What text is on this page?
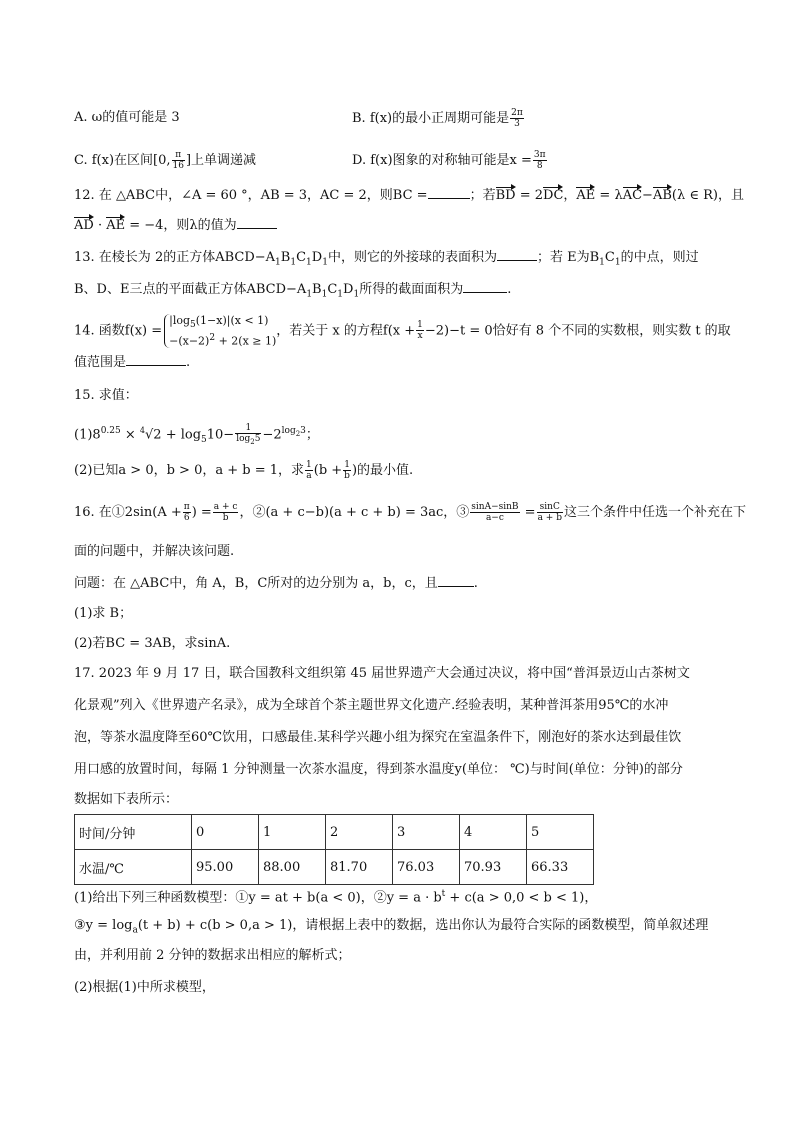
A. ω的值可能是 3	B. f(x)的最小正周期可能是 $\frac{2\pi}{3}$
C. f(x)在区间[0, $\frac{\pi}{16}$ ]上单调递减	D. f(x)图象的对称轴可能是$x = \frac{3\pi}{8}$
12. 在 △ABC中，∠A = 60 °，AB = 3，AC = 2，则BC =	；若BD = 2DC，AE = λAC−AB(λ ∈ R)，且
AD · AE = −4，则λ的值为
13. 在棱长为 2的正方体$ABCD-A_1B_1C_1D_1$中，则它的外接球的表面积为	；若 E为$B_1C_1$的中点，则过
B、D、E三点的平面截正方体$ABCD-A_1B_1C_1D_1$所得的截面面积为	.
14. 函数f(x) =
$|\log_5(1-x)|(x < 1)$
$-(x-2)^2 + 2(x \ge 1)$
，若关于 x 的方程$f(x + \frac{1}{x} -2)-t = 0$恰好有 8 个不同的实数根，则实数 t 的取
值范围是	.
15. 求值：
$(1)8^{0.25} \times ^4√2 + \log_510- \frac{1}{\log_25} -2^{log_23}$；
(2)已知a > 0，b > 0，a + b = 1，求 $\frac{1}{a} (b + \frac{1}{b}$ )的最小值.
16. 在①2sin(A + $\frac{\pi}{6}$ ) = $\frac{a + c}{b}$ ，②(a + c−b)(a + c + b) = 3ac，③ $\frac{\sin A-\sin B}{a-c} = \frac{\sin C}{a + b}$ 这三个条件中任选一个补充在下
面的问题中，并解决该问题.
问题：在 △ABC中，角 A，B，C所对的边分别为 a，b，c，且	.
(1)求 B；
(2)若BC = 3AB，求sinA.
17. 2023 年 9 月 17 日，联合国教科文组织第 45 届世界遗产大会通过决议，将中国“普洱景迈山古茶树文
化景观”列入《世界遗产名录》，成为全球首个茶主题世界文化遗产.经验表明，某种普洱茶用95℃的水冲
泡，等茶水温度降至60℃饮用，口感最佳.某科学兴趣小组为探究在室温条件下，刚泡好的茶水达到最佳饮
用口感的放置时间，每隔 1 分钟测量一次茶水温度，得到茶水温度y(单位： ℃)与时间(单位：分钟)的部分
数据如下表所示：
时间/分钟	0	1	2	3	4	5
水温/℃	95.00	88.00	81.70	76.03	70.93	66.33
(1)给出下列三种函数模型：①y = at + b(a < 0)，②y = $a \cdot b^t + c(a > 0,0 < b < 1)$，
③y = $\log_a(t + b) + c(b > 0,a > 1)$，请根据上表中的数据，选出你认为最符合实际的函数模型，简单叙述理
由，并利用前 2 分钟的数据求出相应的解析式；
(2)根据(1)中所求模型，
